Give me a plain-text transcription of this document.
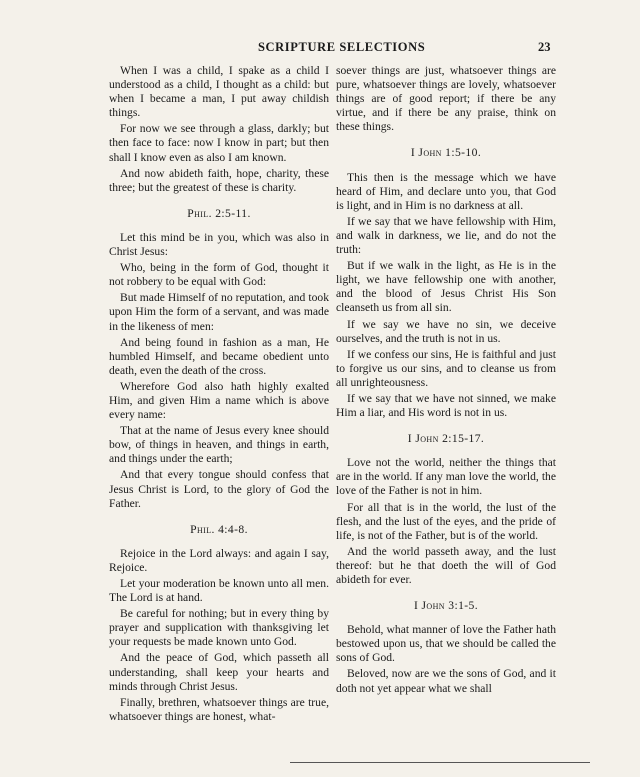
SCRIPTURE SELECTIONS	23

When I was a child, I spake as a child I understood as a child, I thought as a child: but when I became a man, I put away childish things.

For now we see through a glass, darkly; but then face to face: now I know in part; but then shall I know even as also I am known.

And now abideth faith, hope, charity, these three; but the greatest of these is charity.

Phil. 2:5-11.

Let this mind be in you, which was also in Christ Jesus:

Who, being in the form of God, thought it not robbery to be equal with God:

But made Himself of no reputation, and took upon Him the form of a servant, and was made in the likeness of men:

And being found in fashion as a man, He humbled Himself, and became obedient unto death, even the death of the cross.

Wherefore God also hath highly exalted Him, and given Him a name which is above every name:

That at the name of Jesus every knee should bow, of things in heaven, and things in earth, and things under the earth;

And that every tongue should confess that Jesus Christ is Lord, to the glory of God the Father.

Phil. 4:4-8.

Rejoice in the Lord always: and again I say, Rejoice.

Let your moderation be known unto all men. The Lord is at hand.

Be careful for nothing; but in every thing by prayer and supplication with thanksgiving let your requests be made known unto God.

And the peace of God, which passeth all understanding, shall keep your hearts and minds through Christ Jesus.

Finally, brethren, whatsoever things are true, whatsoever things are honest, what-

soever things are just, whatsoever things are pure, whatsoever things are lovely, whatsoever things are of good report; if there be any virtue, and if there be any praise, think on these things.

I John 1:5-10.

This then is the message which we have heard of Him, and declare unto you, that God is light, and in Him is no darkness at all.

If we say that we have fellowship with Him, and walk in darkness, we lie, and do not the truth:

But if we walk in the light, as He is in the light, we have fellowship one with another, and the blood of Jesus Christ His Son cleanseth us from all sin.

If we say we have no sin, we deceive ourselves, and the truth is not in us.

If we confess our sins, He is faithful and just to forgive us our sins, and to cleanse us from all unrighteousness.

If we say that we have not sinned, we make Him a liar, and His word is not in us.

I John 2:15-17.

Love not the world, neither the things that are in the world. If any man love the world, the love of the Father is not in him.

For all that is in the world, the lust of the flesh, and the lust of the eyes, and the pride of life, is not of the Father, but is of the world.

And the world passeth away, and the lust thereof: but he that doeth the will of God abideth for ever.

I John 3:1-5.

Behold, what manner of love the Father hath bestowed upon us, that we should be called the sons of God.

Beloved, now are we the sons of God, and it doth not yet appear what we shall
